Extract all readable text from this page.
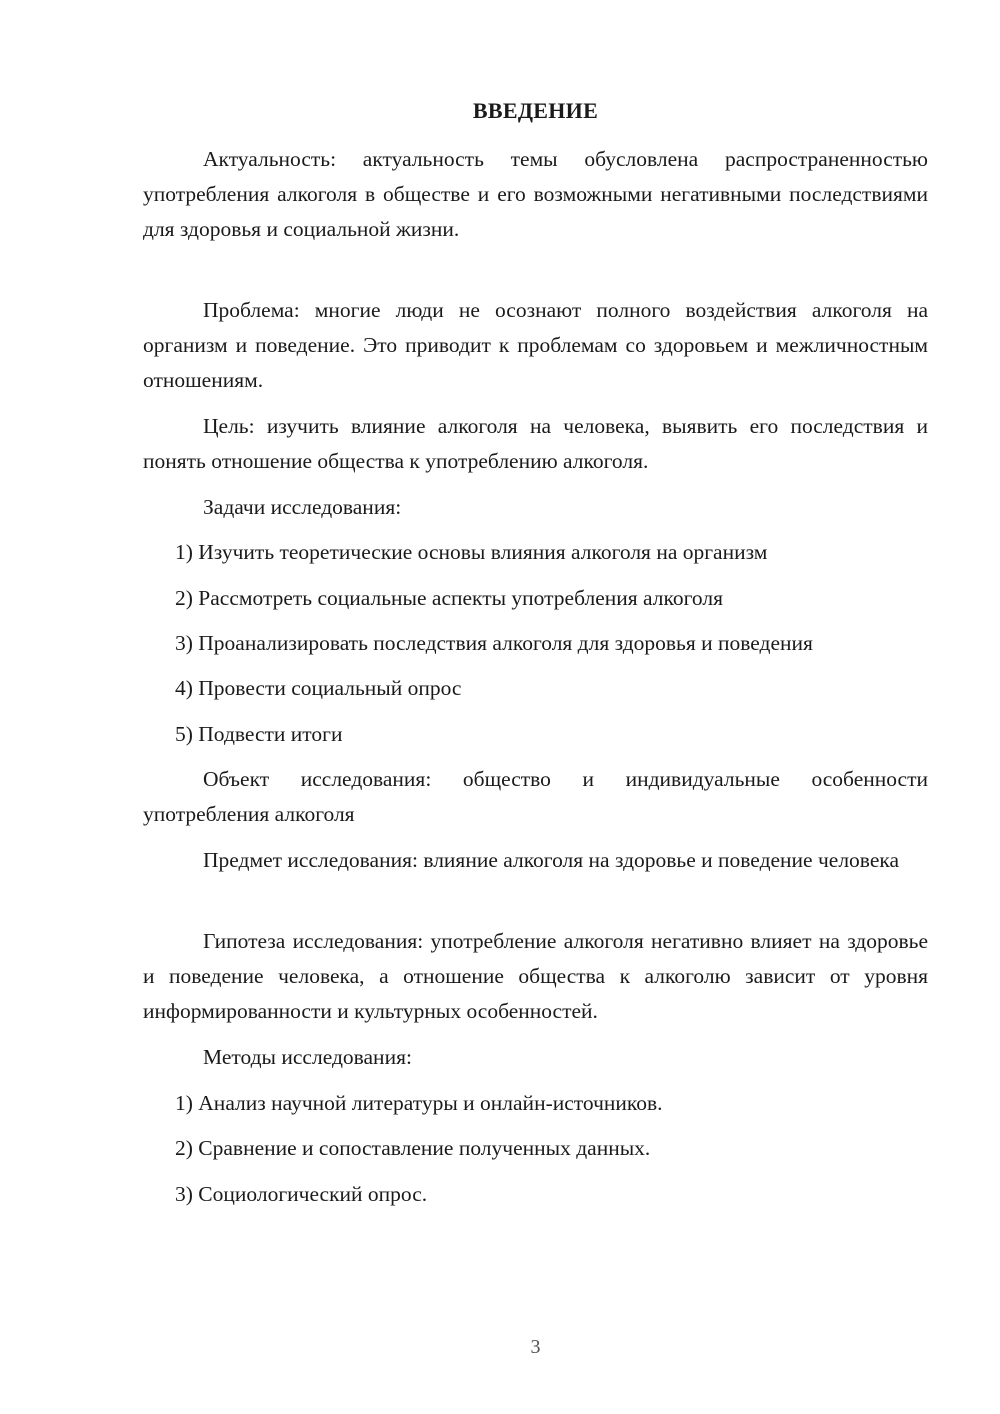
ВВЕДЕНИЕ

Актуальность: актуальность темы обусловлена распространенностью употребления алкоголя в обществе и его возможными негативными последствиями для здоровья и социальной жизни.

Проблема: многие люди не осознают полного воздействия алкоголя на организм и поведение. Это приводит к проблемам со здоровьем и межличностным отношениям.

Цель: изучить влияние алкоголя на человека, выявить его последствия и понять отношение общества к употреблению алкоголя.

Задачи исследования:

1) Изучить теоретические основы влияния алкоголя на организм

2) Рассмотреть социальные аспекты употребления алкоголя

3) Проанализировать последствия алкоголя для здоровья и поведения

4) Провести социальный опрос

5) Подвести итоги

Объект исследования: общество и индивидуальные особенности употребления алкоголя

Предмет исследования: влияние алкоголя на здоровье и поведение человека

Гипотеза исследования: употребление алкоголя негативно влияет на здоровье и поведение человека, а отношение общества к алкоголю зависит от уровня информированности и культурных особенностей.

Методы исследования:

1) Анализ научной литературы и онлайн-источников.

2) Сравнение и сопоставление полученных данных.

3) Социологический опрос.

3
